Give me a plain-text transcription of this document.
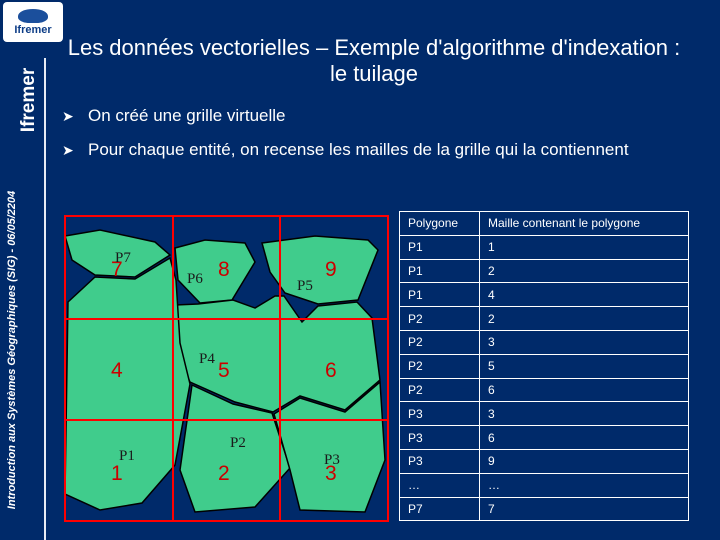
Ifremer
Ifremer
Introduction aux Systèmes Géographiques (SIG) - 06/05/2204
Les données vectorielles – Exemple d'algorithme d'indexation : le tuilage
➤ On créé une grille virtuelle
➤ Pour chaque entité, on recense les mailles de la grille qui la contiennent
7	8	9
4	5	6
1	2	3
P7
P6	P5
P4
P1
P2
P3
Polygone	Maille contenant le polygone
P1	1
P1	2
P1	4
P2	2
P2	3
P2	5
P2	6
P3	3
P3	6
P3	9
…	…
P7	7
